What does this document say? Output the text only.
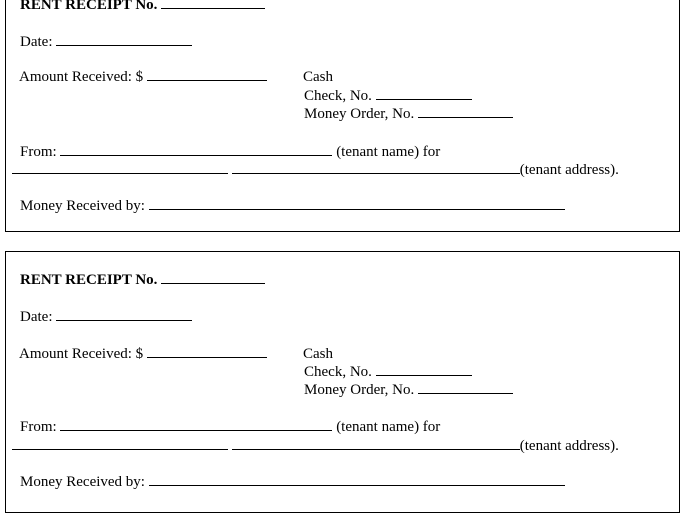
RENT RECEIPT No.
Date:
Amount Received: $	Cash
Check, No.
Money Order, No.
From:	(tenant name) for
(tenant address).
Money Received by:
RENT RECEIPT No.
Date:
Amount Received: $	Cash
Check, No.
Money Order, No.
From:	(tenant name) for
(tenant address).
Money Received by:
